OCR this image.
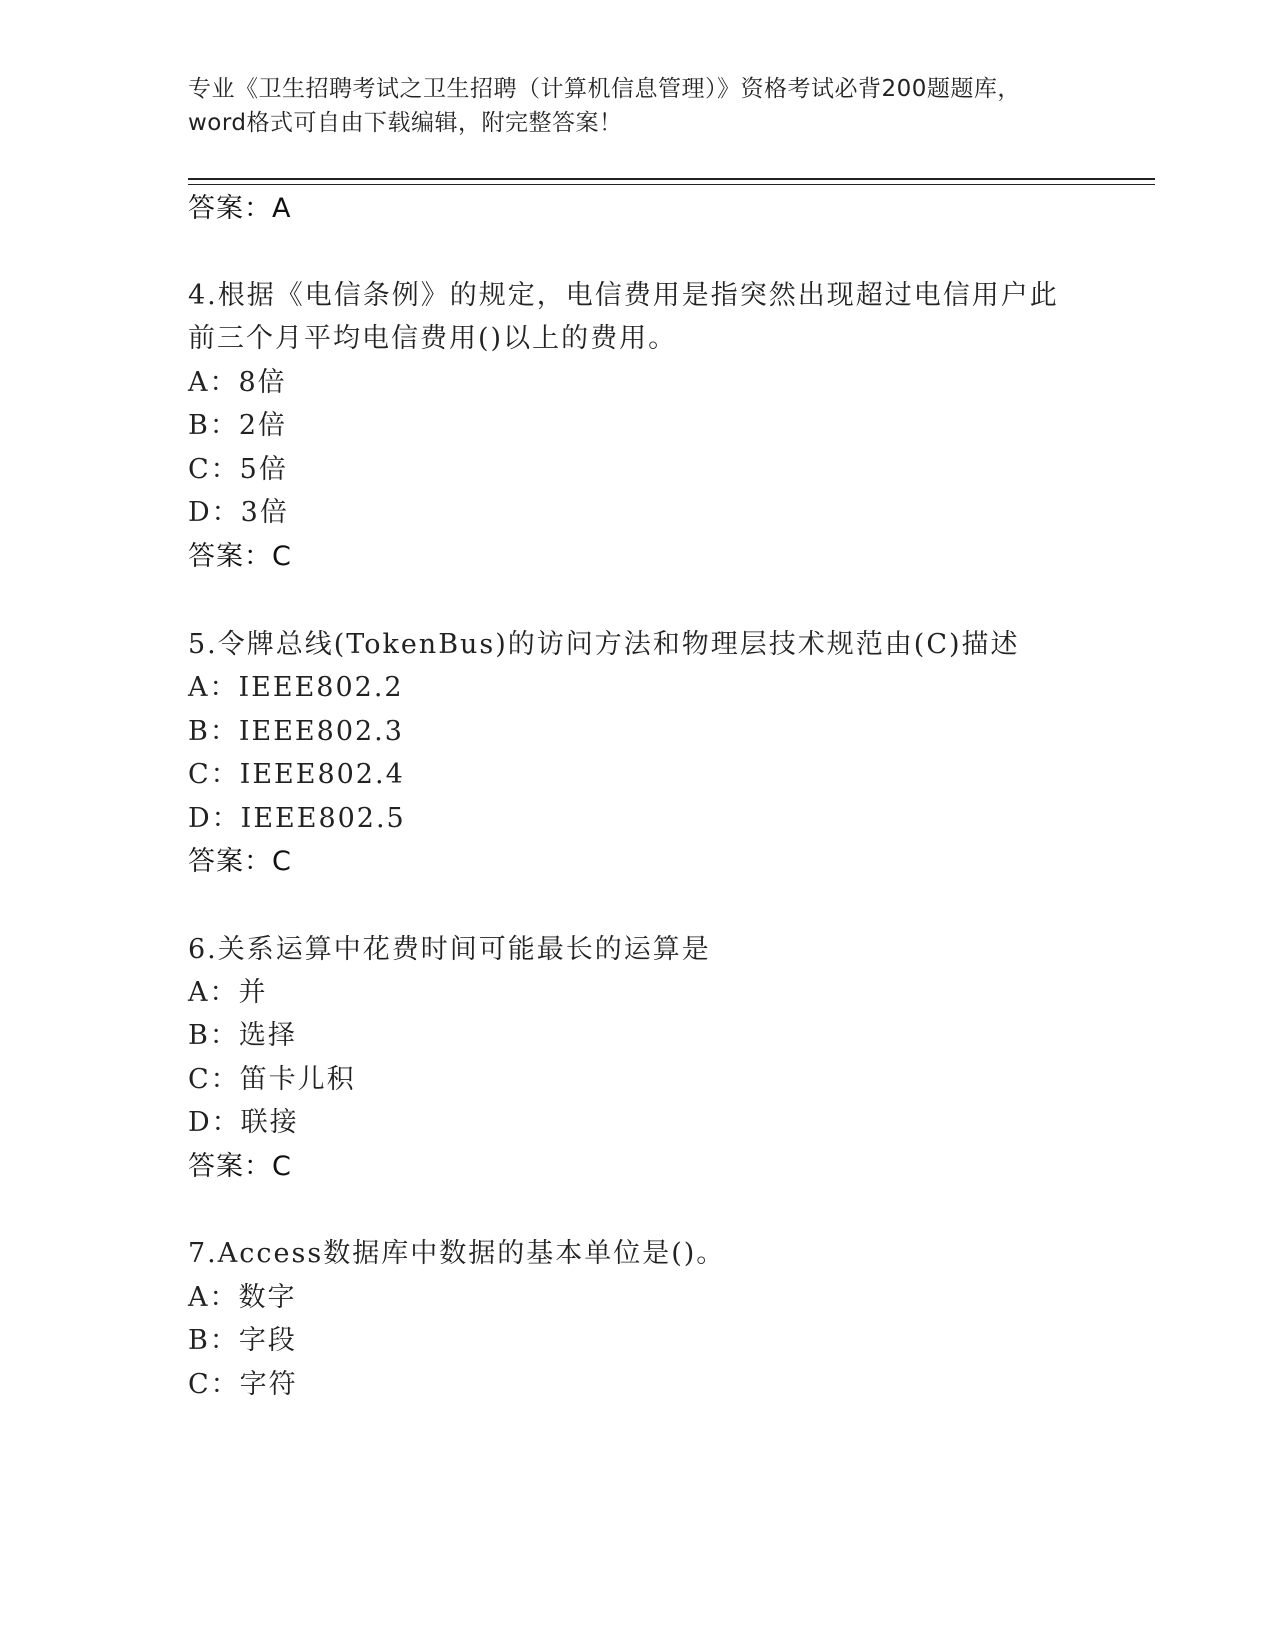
专业《卫生招聘考试之卫生招聘（计算机信息管理）》资格考试必背200题题库，
word格式可自由下载编辑，附完整答案！
答案：A
4.根据《电信条例》的规定，电信费用是指突然出现超过电信用户此
前三个月平均电信费用()以上的费用。
A：8倍
B：2倍
C：5倍
D：3倍
答案：C
5.令牌总线(TokenBus)的访问方法和物理层技术规范由(C)描述
A：IEEE802.2
B：IEEE802.3
C：IEEE802.4
D：IEEE802.5
答案：C
6.关系运算中花费时间可能最长的运算是
A：并
B：选择
C：笛卡儿积
D：联接
答案：C
7.Access数据库中数据的基本单位是()。
A：数字
B：字段
C：字符
